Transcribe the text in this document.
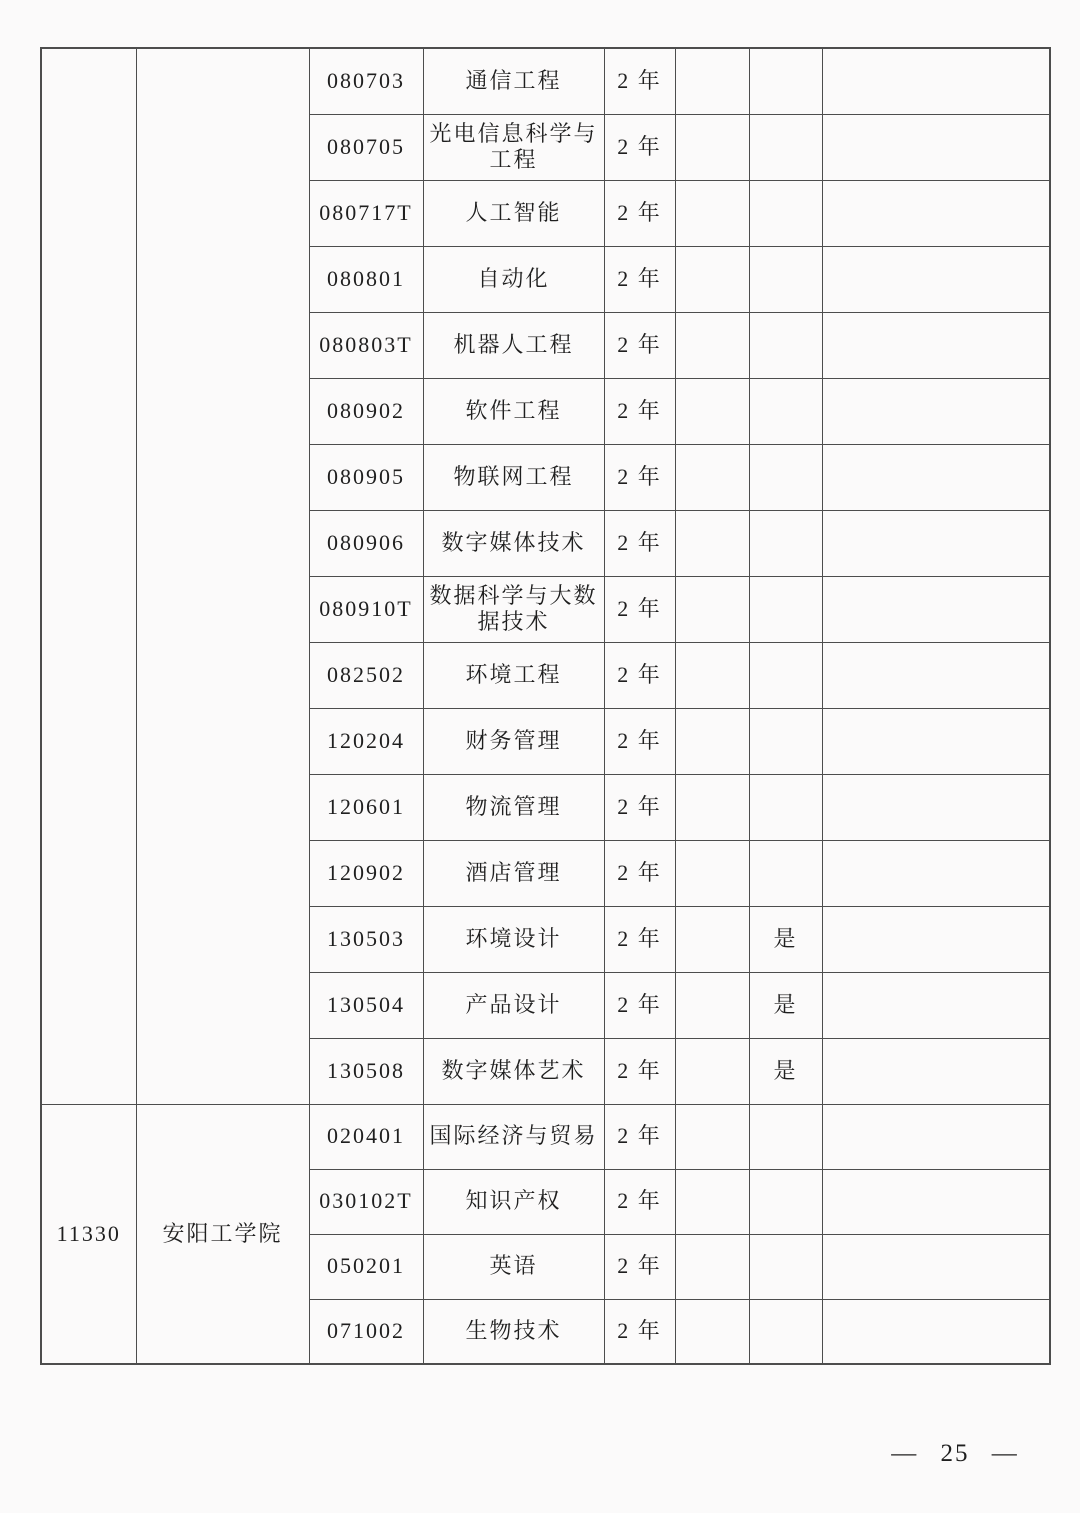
		080703	通信工程	2 年			
		080705	光电信息科学与工程	2 年			
		080717T	人工智能	2 年			
		080801	自动化	2 年			
		080803T	机器人工程	2 年			
		080902	软件工程	2 年			
		080905	物联网工程	2 年			
		080906	数字媒体技术	2 年			
		080910T	数据科学与大数据技术	2 年			
		082502	环境工程	2 年			
		120204	财务管理	2 年			
		120601	物流管理	2 年			
		120902	酒店管理	2 年			
		130503	环境设计	2 年		是	
		130504	产品设计	2 年		是	
		130508	数字媒体艺术	2 年		是	
11330	安阳工学院	020401	国际经济与贸易	2 年			
		030102T	知识产权	2 年			
		050201	英语	2 年			
		071002	生物技术	2 年			
— 25 —
